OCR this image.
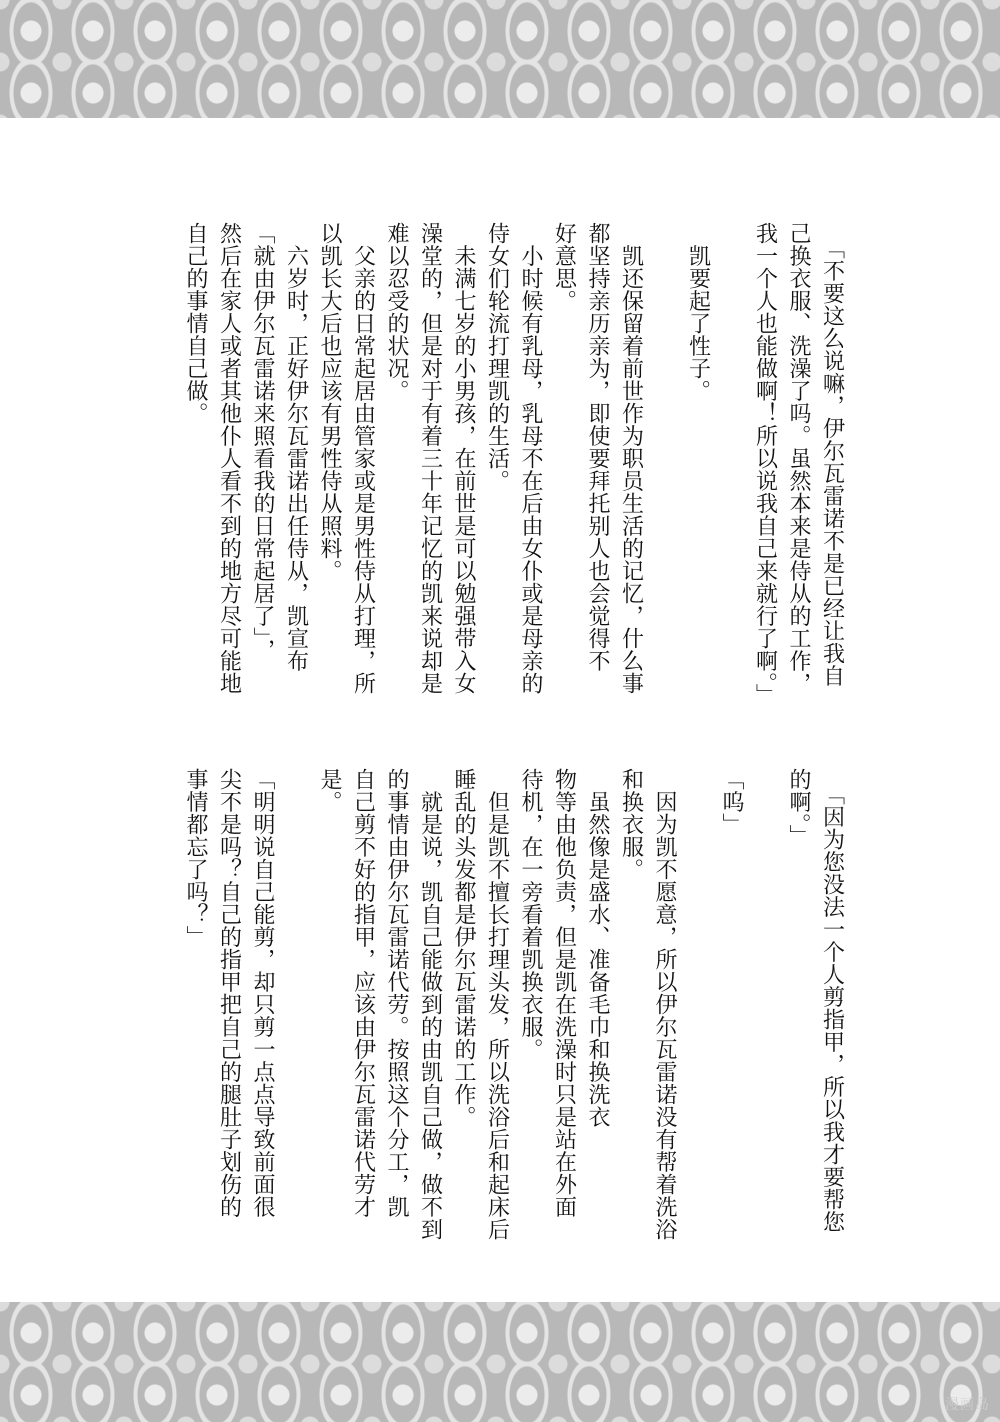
「不要这么说嘛，伊尔瓦雷诺不是已经让我自
己换衣服、洗澡了吗。虽然本来是侍从的工作，
我一个人也能做啊！所以说我自己来就行了啊。」

　凯要起了性子。

　凯还保留着前世作为职员生活的记忆，什么事
都坚持亲历亲为，即使要拜托别人也会觉得不
好意思。
　小时候有乳母，乳母不在后由女仆或是母亲的
侍女们轮流打理凯的生活。
　未满七岁的小男孩，在前世是可以勉强带入女
澡堂的，但是对于有着三十年记忆的凯来说却是
难以忍受的状况。
　父亲的日常起居由管家或是男性侍从打理，所
以凯长大后也应该有男性侍从照料。
　六岁时，正好伊尔瓦雷诺出任侍从，凯宣布
「就由伊尔瓦雷诺来照看我的日常起居了」，
然后在家人或者其他仆人看不到的地方尽可能地
自己的事情自己做。

「因为您没法一个人剪指甲，所以我才要帮您
的啊。」

「呜」

　因为凯不愿意，所以伊尔瓦雷诺没有帮着洗浴
和换衣服。
　虽然像是盛水、准备毛巾和换洗衣
物等由他负责，但是凯在洗澡时只是站在外面
待机，在一旁看着凯换衣服。
　但是凯不擅长打理头发，所以洗浴后和起床后
睡乱的头发都是伊尔瓦雷诺的工作。
　就是说，凯自己能做到的由凯自己做，做不到
的事情由伊尔瓦雷诺代劳。按照这个分工，凯
自己剪不好的指甲，应该由伊尔瓦雷诺代劳才
是。

「明明说自己能剪，却只剪一点点导致前面很
尖不是吗？自己的指甲把自己的腿肚子划伤的
事情都忘了吗？」

漫画岛
